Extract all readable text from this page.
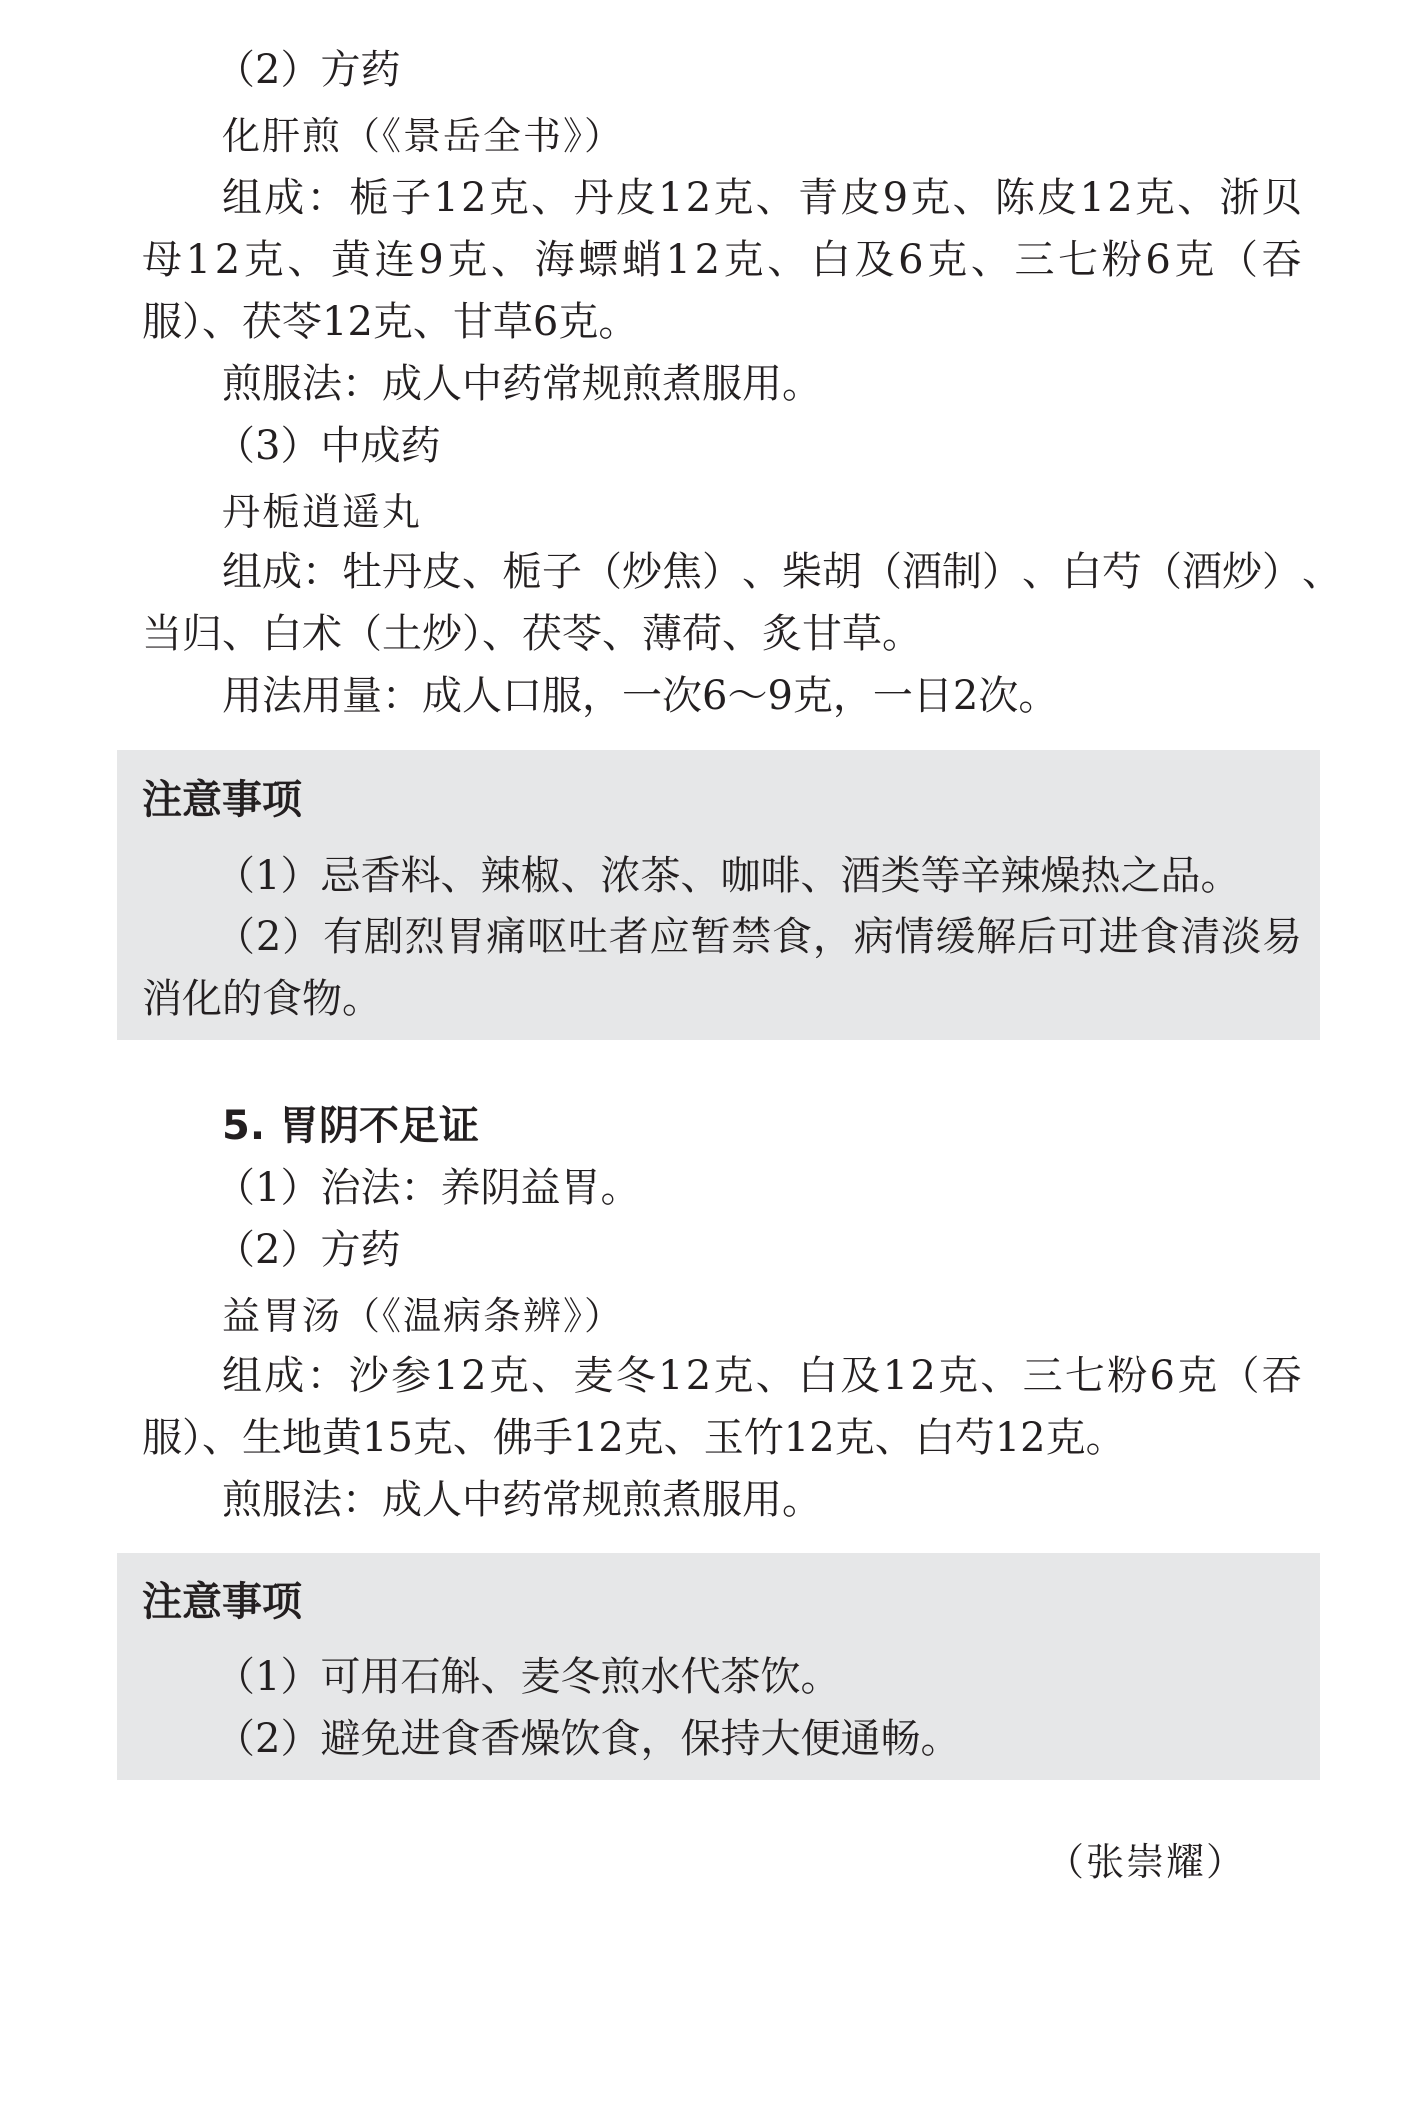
（2）方药
化肝煎（《景岳全书》）
组 成 ： 栀 子 1 2 克 、 丹 皮 1 2 克 、 青 皮 9 克 、 陈 皮 1 2 克 、 浙 贝
母 1 2 克 、 黄 连 9 克 、 海 螵 蛸 1 2 克 、 白 及 6 克 、 三 七 粉 6 克 （ 吞
服）、茯苓12克、甘草6克。
煎服法：成人中药常规煎煮服用。
（3）中成药
丹栀逍遥丸
组 成 ： 牡 丹 皮 、 栀 子 （ 炒 焦 ） 、 柴 胡 （ 酒 制 ） 、 白 芍 （ 酒 炒 ） 、
当归、白术（土炒）、茯苓、薄荷、炙甘草。
用法用量：成人口服，一次6～9克，一日2次。
注意事项
（1）忌香料、辣椒、浓茶、咖啡、酒类等辛辣燥热之品。
（ 2 ） 有 剧 烈 胃 痛 呕 吐 者 应 暂 禁 食 ， 病 情 缓 解 后 可 进 食 清 淡 易
消化的食物。
5. 胃阴不足证
（1）治法：养阴益胃。
（2）方药
益胃汤（《温病条辨》）
组 成 ： 沙 参 1 2 克 、 麦 冬 1 2 克 、 白 及 1 2 克 、 三 七 粉 6 克 （ 吞
服）、生地黄15克、佛手12克、玉竹12克、白芍12克。
煎服法：成人中药常规煎煮服用。
注意事项
（1）可用石斛、麦冬煎水代茶饮。
（2）避免进食香燥饮食，保持大便通畅。
（张崇耀）
